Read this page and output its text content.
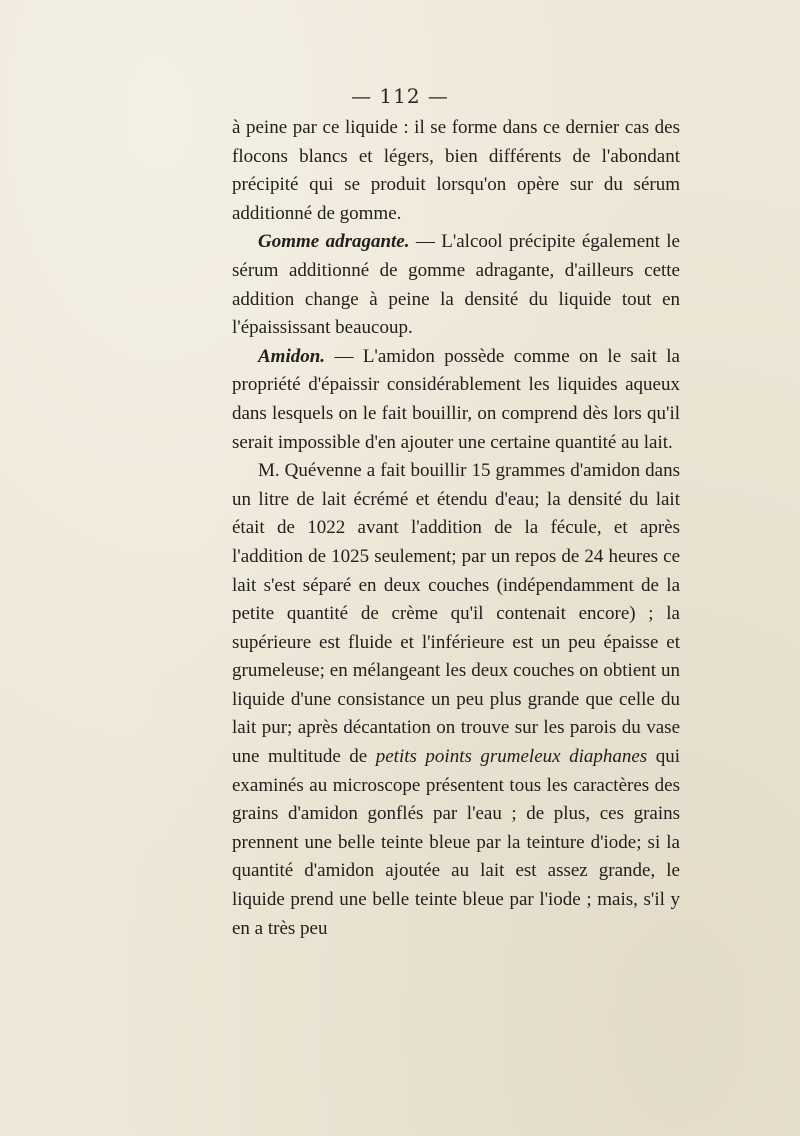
— 112 —

à peine par ce liquide : il se forme dans ce dernier cas des flocons blancs et légers, bien différents de l'abondant précipité qui se produit lorsqu'on opère sur du sérum additionné de gomme.

Gomme adragante. — L'alcool précipite également le sérum additionné de gomme adragante, d'ailleurs cette addition change à peine la densité du liquide tout en l'épaississant beaucoup.

Amidon. — L'amidon possède comme on le sait la propriété d'épaissir considérablement les liquides aqueux dans lesquels on le fait bouillir, on comprend dès lors qu'il serait impossible d'en ajouter une certaine quantité au lait.

M. Quévenne a fait bouillir 15 grammes d'amidon dans un litre de lait écrémé et étendu d'eau; la densité du lait était de 1022 avant l'addition de la fécule, et après l'addition de 1025 seulement; par un repos de 24 heures ce lait s'est séparé en deux couches (indépendamment de la petite quantité de crème qu'il contenait encore) ; la supérieure est fluide et l'inférieure est un peu épaisse et grumeleuse; en mélangeant les deux couches on obtient un liquide d'une consistance un peu plus grande que celle du lait pur; après décantation on trouve sur les parois du vase une multitude de petits points grumeleux diaphanes qui examinés au microscope présentent tous les caractères des grains d'amidon gonflés par l'eau ; de plus, ces grains prennent une belle teinte bleue par la teinture d'iode; si la quantité d'amidon ajoutée au lait est assez grande, le liquide prend une belle teinte bleue par l'iode ; mais, s'il y en a très peu
